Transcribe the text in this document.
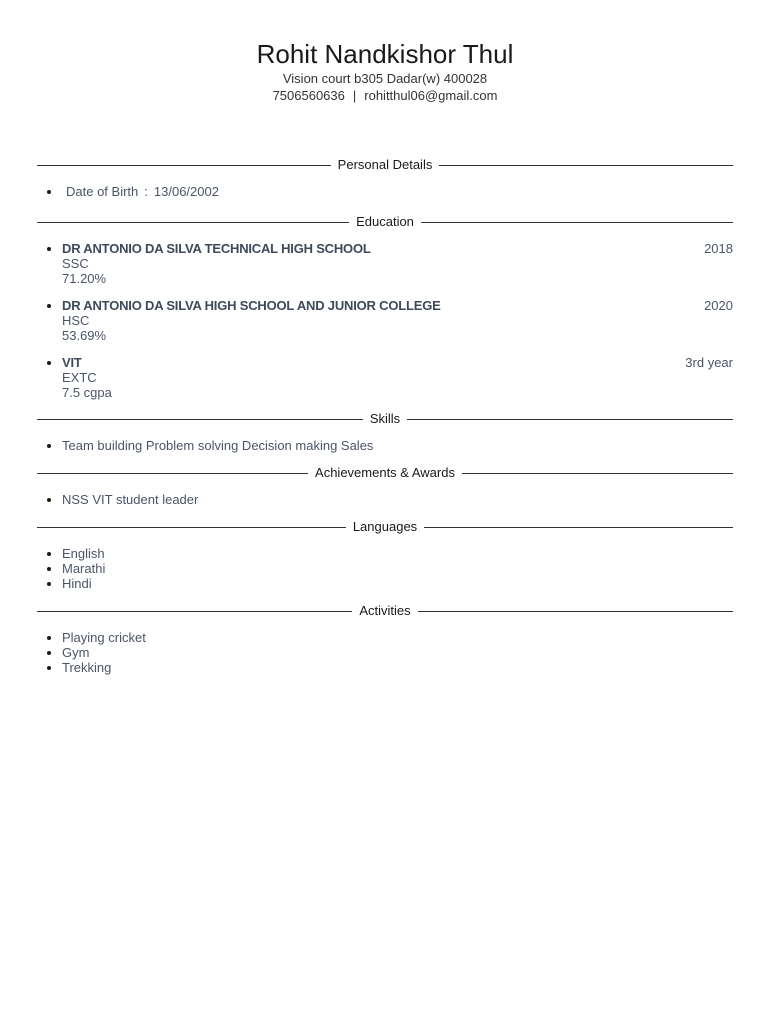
Rohit Nandkishor Thul
Vision court b305 Dadar(w) 400028
7506560636 | rohitthul06@gmail.com
Personal Details
• Date of Birth : 13/06/2002
Education
• DR ANTONIO DA SILVA TECHNICAL HIGH SCHOOL	2018
SSC
71.20%
• DR ANTONIO DA SILVA HIGH SCHOOL AND JUNIOR COLLEGE	2020
HSC
53.69%
• VIT	3rd year
EXTC
7.5 cgpa
Skills
• Team building Problem solving Decision making Sales
Achievements & Awards
• NSS VIT student leader
Languages
• English
• Marathi
• Hindi
Activities
• Playing cricket
• Gym
• Trekking
